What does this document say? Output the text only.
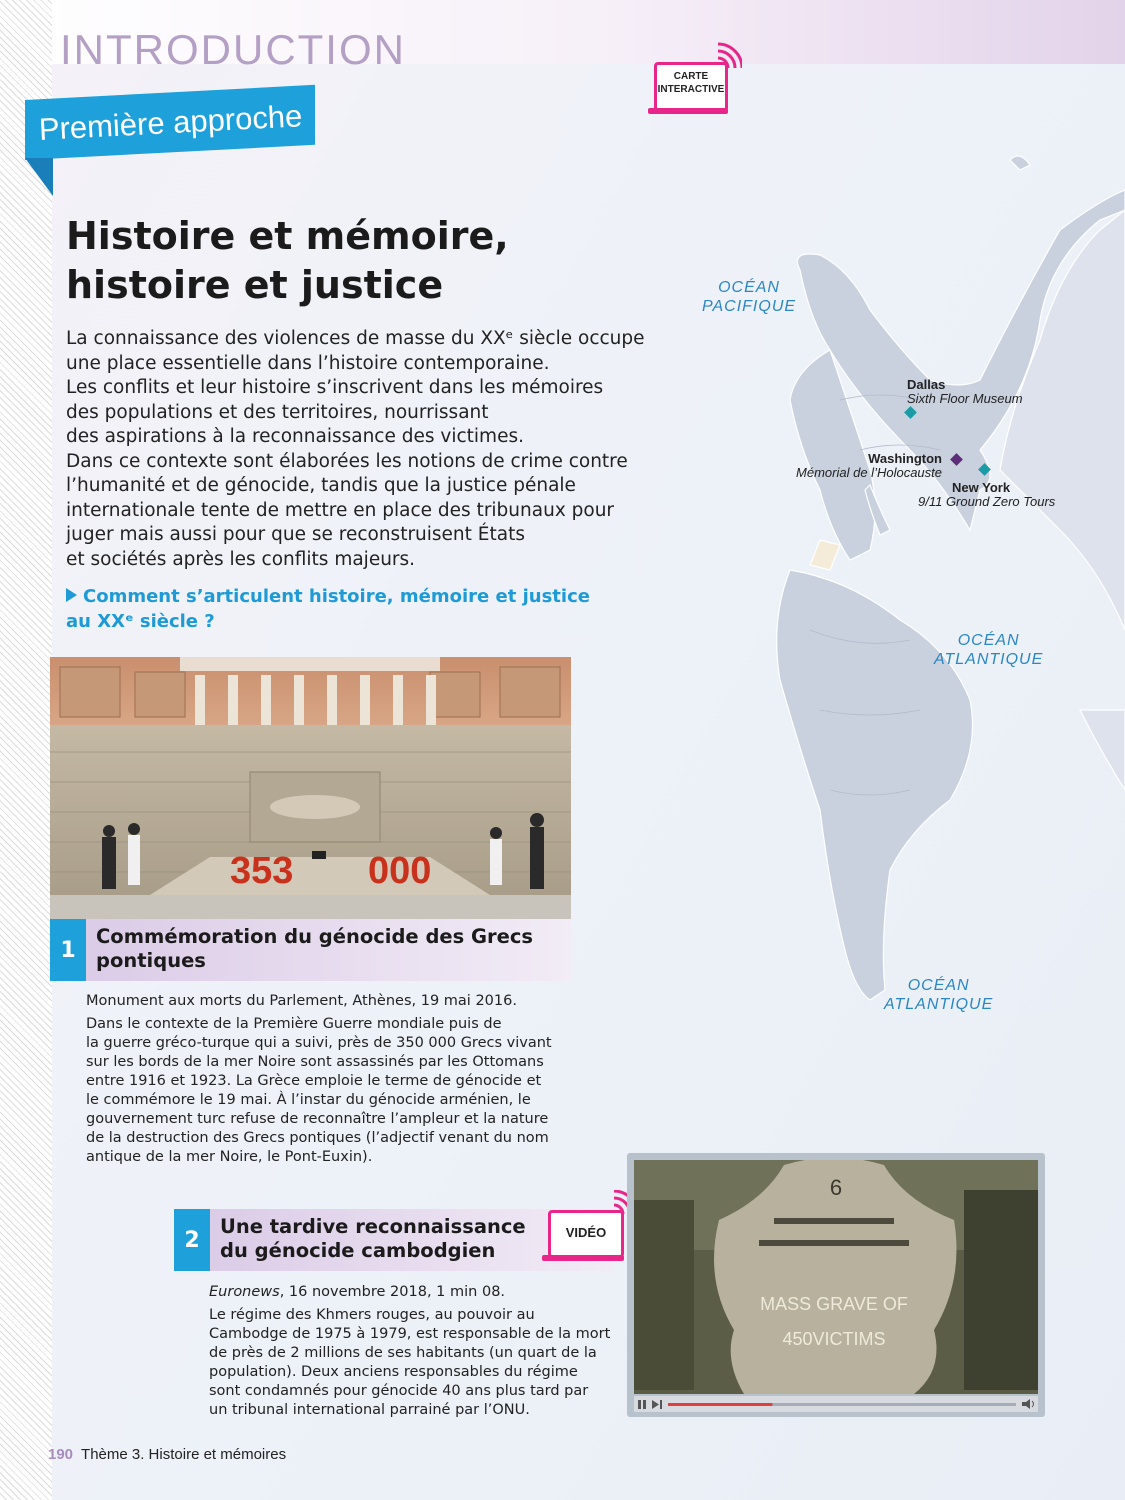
INTRODUCTION
Première approche
CARTE
INTERACTIVE
Histoire et mémoire,
histoire et justice
La connaissance des violences de masse du XXᵉ siècle occupe
une place essentielle dans l’histoire contemporaine.
Les conflits et leur histoire s’inscrivent dans les mémoires
des populations et des territoires, nourrissant
des aspirations à la reconnaissance des victimes.
Dans ce contexte sont élaborées les notions de crime contre
l’humanité et de génocide, tandis que la justice pénale
internationale tente de mettre en place des tribunaux pour
juger mais aussi pour que se reconstruisent États
et sociétés après les conflits majeurs.
Comment s’articulent histoire, mémoire et justice
au XXᵉ siècle ?
353 000
1
Commémoration du génocide des Grecs
pontiques
Monument aux morts du Parlement, Athènes, 19 mai 2016.
Dans le contexte de la Première Guerre mondiale puis de
la guerre gréco-turque qui a suivi, près de 350 000 Grecs vivant
sur les bords de la mer Noire sont assassinés par les Ottomans
entre 1916 et 1923. La Grèce emploie le terme de génocide et
le commémore le 19 mai. À l’instar du génocide arménien, le
gouvernement turc refuse de reconnaître l’ampleur et la nature
de la destruction des Grecs pontiques (l’adjectif venant du nom
antique de la mer Noire, le Pont-Euxin).
2
Une tardive reconnaissance
du génocide cambodgien
VIDÉO
Euronews, 16 novembre 2018, 1 min 08.
Le régime des Khmers rouges, au pouvoir au
Cambodge de 1975 à 1979, est responsable de la mort
de près de 2 millions de ses habitants (un quart de la
population). Deux anciens responsables du régime
sont condamnés pour génocide 40 ans plus tard par
un tribunal international parrainé par l’ONU.
6
MASS GRAVE OF
450VICTIMS
OCÉAN
PACIFIQUE
OCÉAN
ATLANTIQUE
OCÉAN
ATLANTIQUE
Dallas
Sixth Floor Museum
Washington
Mémorial de l’Holocauste
New York
9/11 Ground Zero Tours
190 Thème 3. Histoire et mémoires
